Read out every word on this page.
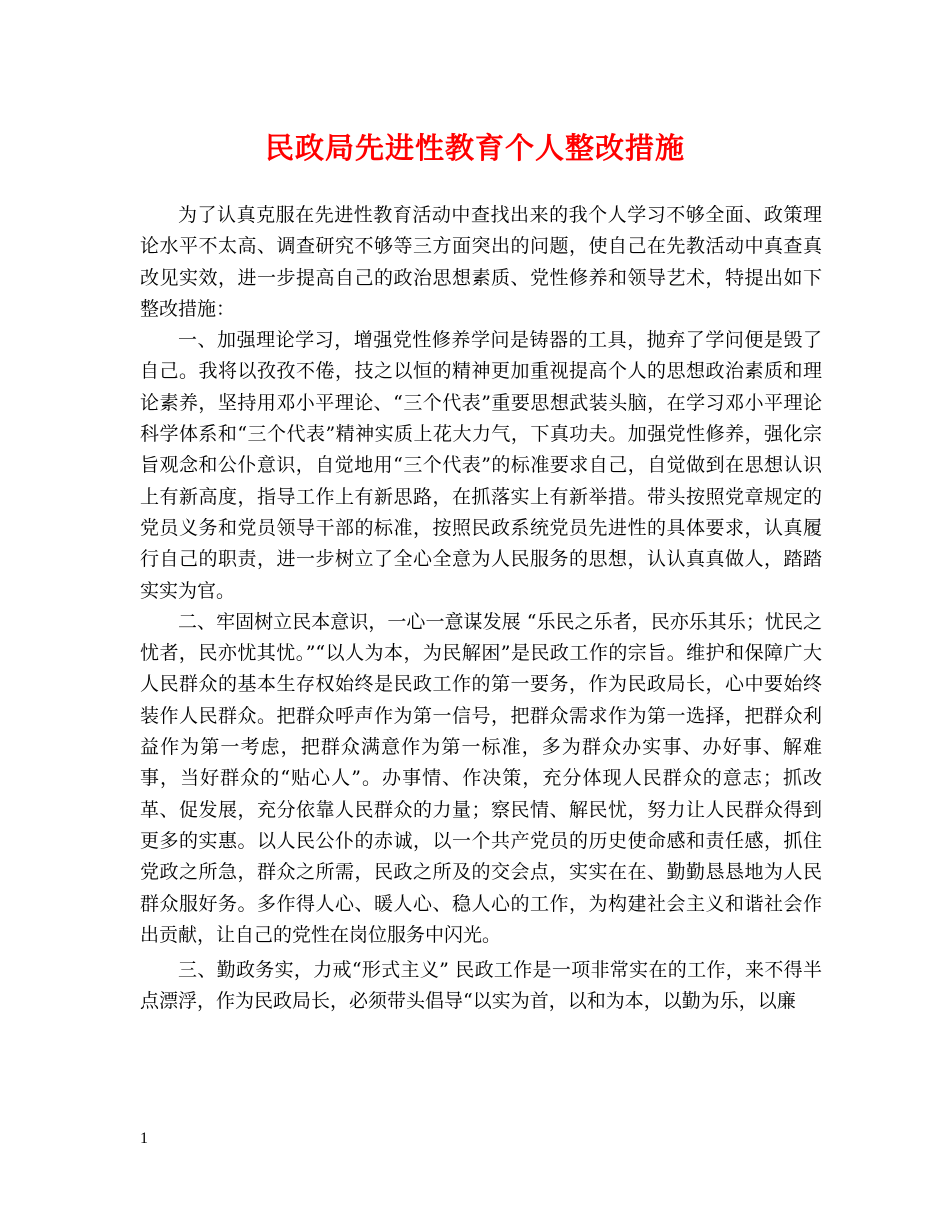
民政局先进性教育个人整改措施

为了认真克服在先进性教育活动中查找出来的我个人学习不够全面、政策理论水平不太高、调查研究不够等三方面突出的问题，使自己在先教活动中真查真改见实效，进一步提高自己的政治思想素质、党性修养和领导艺术，特提出如下整改措施：

一、加强理论学习，增强党性修养学问是铸器的工具，抛弃了学问便是毁了自己。我将以孜孜不倦，技之以恒的精神更加重视提高个人的思想政治素质和理论素养，坚持用邓小平理论、“三个代表”重要思想武装头脑，在学习邓小平理论科学体系和“三个代表”精神实质上花大力气，下真功夫。加强党性修养，强化宗旨观念和公仆意识，自觉地用“三个代表”的标准要求自己，自觉做到在思想认识上有新高度，指导工作上有新思路，在抓落实上有新举措。带头按照党章规定的党员义务和党员领导干部的标准，按照民政系统党员先进性的具体要求，认真履行自己的职责，进一步树立了全心全意为人民服务的思想，认认真真做人，踏踏实实为官。

二、牢固树立民本意识，一心一意谋发展 “乐民之乐者，民亦乐其乐；忧民之忧者，民亦忧其忧。”“以人为本，为民解困”是民政工作的宗旨。维护和保障广大人民群众的基本生存权始终是民政工作的第一要务，作为民政局长，心中要始终装作人民群众。把群众呼声作为第一信号，把群众需求作为第一选择，把群众利益作为第一考虑，把群众满意作为第一标准，多为群众办实事、办好事、解难事，当好群众的“贴心人”。办事情、作决策，充分体现人民群众的意志；抓改革、促发展，充分依靠人民群众的力量；察民情、解民忧，努力让人民群众得到更多的实惠。以人民公仆的赤诚，以一个共产党员的历史使命感和责任感，抓住党政之所急，群众之所需，民政之所及的交会点，实实在在、勤勤恳恳地为人民群众服好务。多作得人心、暖人心、稳人心的工作，为构建社会主义和谐社会作出贡献，让自己的党性在岗位服务中闪光。

三、勤政务实，力戒“形式主义” 民政工作是一项非常实在的工作，来不得半点漂浮，作为民政局长，必须带头倡导“以实为首，以和为本，以勤为乐，以廉

1
